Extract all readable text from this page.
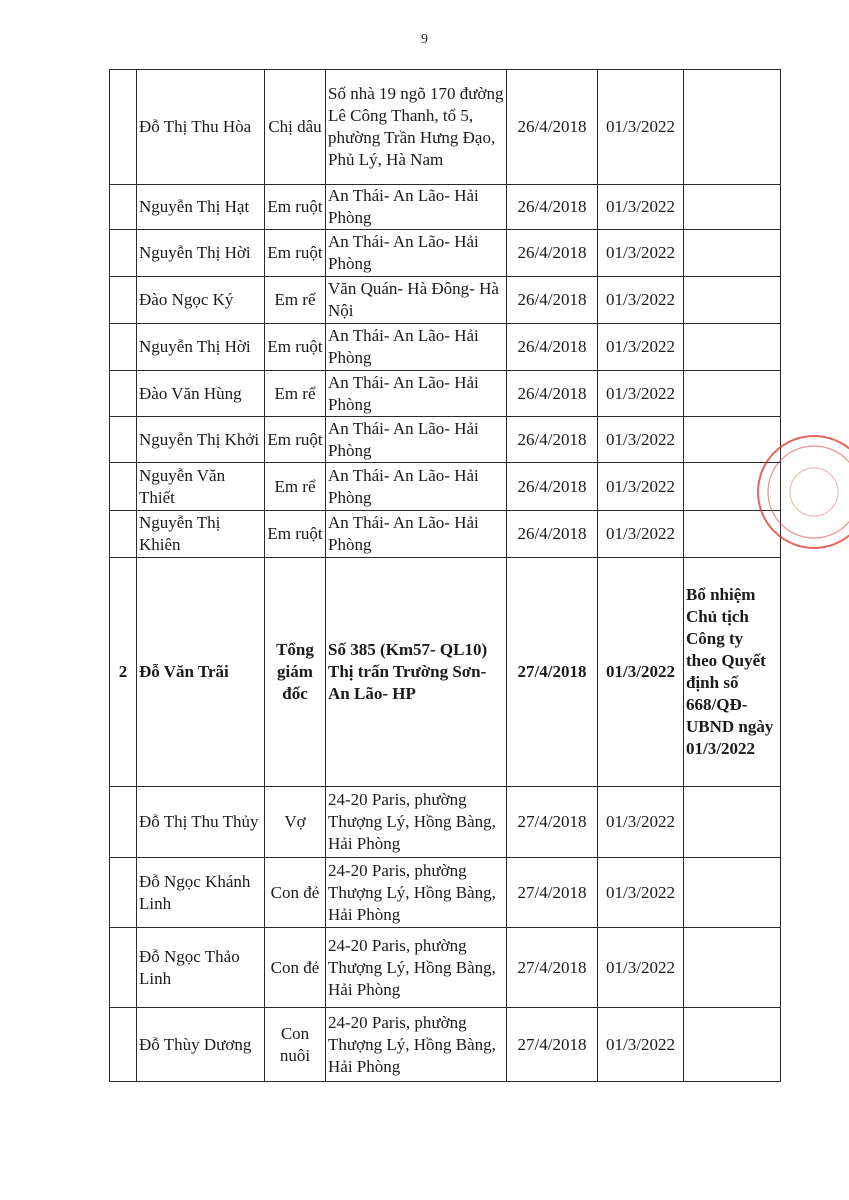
9
	Đỗ Thị Thu Hòa	Chị dâu	Số nhà 19 ngõ 170 đường Lê Công Thanh, tổ 5, phường Trần Hưng Đạo, Phủ Lý, Hà Nam	26/4/2018	01/3/2022	
	Nguyễn Thị Hạt	Em ruột	An Thái- An Lão- Hải Phòng	26/4/2018	01/3/2022	
	Nguyễn Thị Hời	Em ruột	An Thái- An Lão- Hải Phòng	26/4/2018	01/3/2022	
	Đào Ngọc Ký	Em rể	Văn Quán- Hà Đông- Hà Nội	26/4/2018	01/3/2022	
	Nguyễn Thị Hời	Em ruột	An Thái- An Lão- Hải Phòng	26/4/2018	01/3/2022	
	Đào Văn Hùng	Em rể	An Thái- An Lão- Hải Phòng	26/4/2018	01/3/2022	
	Nguyễn Thị Khởi	Em ruột	An Thái- An Lão- Hải Phòng	26/4/2018	01/3/2022	
	Nguyễn Văn Thiết	Em rể	An Thái- An Lão- Hải Phòng	26/4/2018	01/3/2022	
	Nguyễn Thị Khiên	Em ruột	An Thái- An Lão- Hải Phòng	26/4/2018	01/3/2022	
2	Đỗ Văn Trãi	Tổng giám đốc	Số 385 (Km57- QL10) Thị trấn Trường Sơn- An Lão- HP	27/4/2018	01/3/2022	Bổ nhiệm Chủ tịch Công ty theo Quyết định số 668/QĐ-UBND ngày 01/3/2022
	Đỗ Thị Thu Thủy	Vợ	24-20 Paris, phường Thượng Lý, Hồng Bàng, Hải Phòng	27/4/2018	01/3/2022	
	Đỗ Ngọc Khánh Linh	Con đẻ	24-20 Paris, phường Thượng Lý, Hồng Bàng, Hải Phòng	27/4/2018	01/3/2022	
	Đỗ Ngọc Thảo Linh	Con đẻ	24-20 Paris, phường Thượng Lý, Hồng Bàng, Hải Phòng	27/4/2018	01/3/2022	
	Đỗ Thùy Dương	Con nuôi	24-20 Paris, phường Thượng Lý, Hồng Bàng, Hải Phòng	27/4/2018	01/3/2022	
